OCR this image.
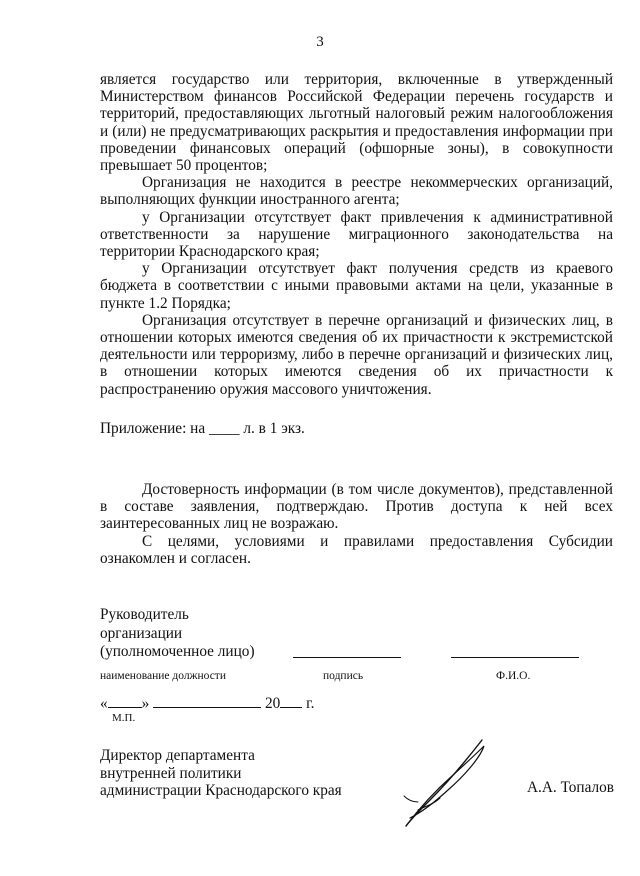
3

является государство или территория, включенные в утвержденный Министерством финансов Российской Федерации перечень государств и территорий, предоставляющих льготный налоговый режим налогообложения и (или) не предусматривающих раскрытия и предоставления информации при проведении финансовых операций (офшорные зоны), в совокупности превышает 50 процентов;

Организация не находится в реестре некоммерческих организаций, выполняющих функции иностранного агента;

у Организации отсутствует факт привлечения к административной ответственности за нарушение миграционного законодательства на территории Краснодарского края;

у Организации отсутствует факт получения средств из краевого бюджета в соответствии с иными правовыми актами на цели, указанные в пункте 1.2 Порядка;

Организация отсутствует в перечне организаций и физических лиц, в отношении которых имеются сведения об их причастности к экстремистской деятельности или терроризму, либо в перечне организаций и физических лиц, в отношении которых имеются сведения об их причастности к распространению оружия массового уничтожения.

Приложение: на ____ л. в 1 экз.

Достоверность информации (в том числе документов), представленной в составе заявления, подтверждаю. Против доступа к ней всех заинтересованных лиц не возражаю.

С целями, условиями и правилами предоставления Субсидии ознакомлен и согласен.

Руководитель
организации
(уполномоченное лицо)
наименование должности	подпись	Ф.И.О.
« »	20 г.
М.П.
Директор департамента
внутренней политики
администрации Краснодарского края	А.А. Топалов
